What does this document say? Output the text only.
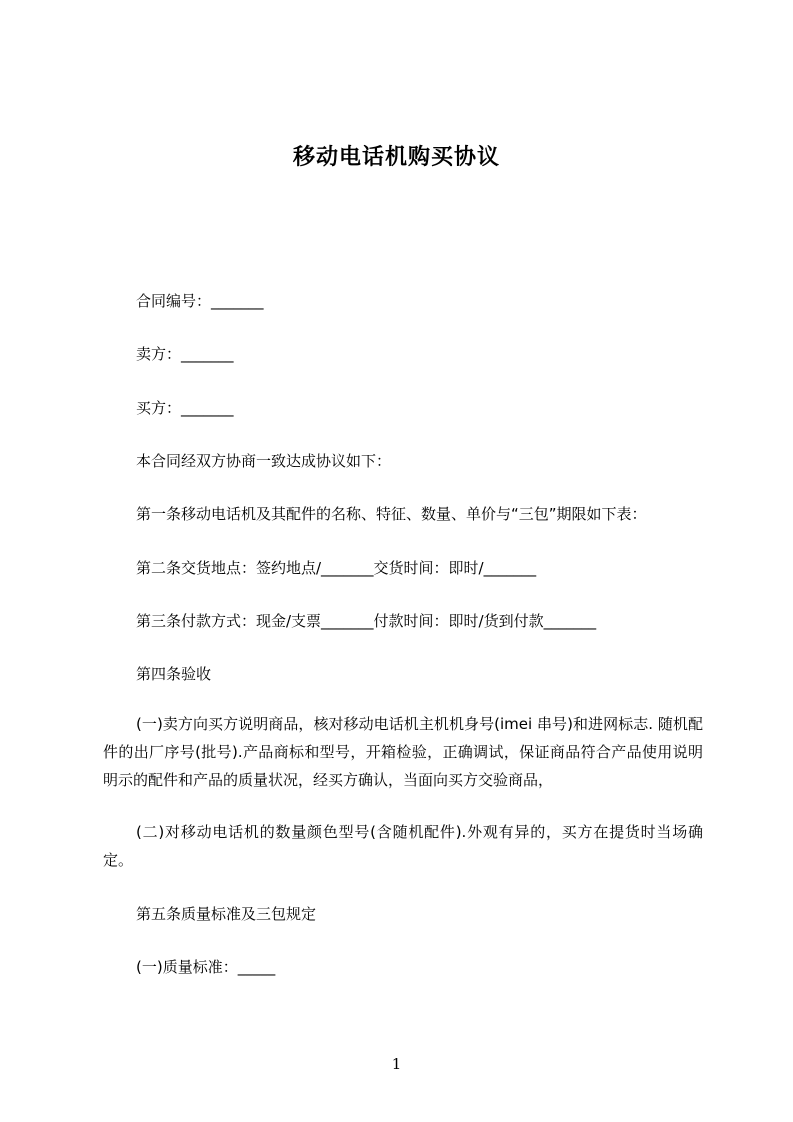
移动电话机购买协议
合同编号：_______
卖方：_______
买方：_______
本合同经双方协商一致达成协议如下：
第一条移动电话机及其配件的名称、特征、数量、单价与“三包”期限如下表：
第二条交货地点：签约地点/_______交货时间：即时/_______
第三条付款方式：现金/支票_______付款时间：即时/货到付款_______
第四条验收
(一)卖方向买方说明商品，核对移动电话机主机机身号(imei 串号)和进网标志. 随机配件的出厂序号(批号).产品商标和型号，开箱检验，正确调试，保证商品符合产品使用说明明示的配件和产品的质量状况，经买方确认，当面向买方交验商品，
(二)对移动电话机的数量颜色型号(含随机配件).外观有异的，买方在提货时当场确定。
第五条质量标准及三包规定
(一)质量标准：_____
1
